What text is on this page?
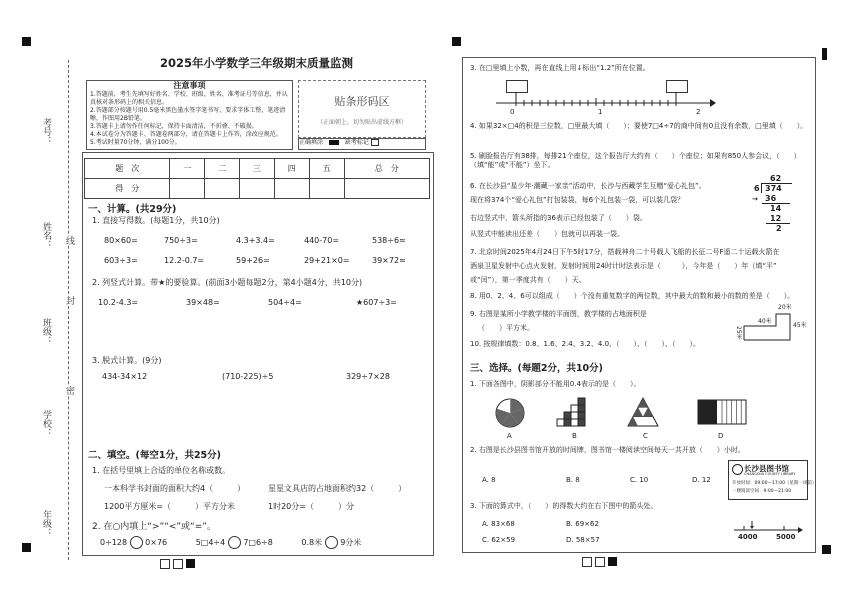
考号：
姓名：
班级：
学校：
年级：
线
封
密
2025年小学数学三年级期末质量监测
注意事项
1.答题前，考生先填写好姓名、学校、班级、姓名、准考证号等信息，并认真核对条形码上的相关信息。
2.答题部分按题号用0.5毫米黑色墨水签字笔书写，要求字体工整，笔迹清晰，作图用2B铅笔。
3.答题卡上请勿作任何标记，保持卡面清洁，不折叠、不破损。
4.本试卷分为答题卡、答题卷两部分，请在答题卡上作答，涂改应规范。
5.考试时量70分钟，满分100分。
贴条形码区
（正面朝上，切勿贴出虚线方框）
正确填涂	缺考标记
题　次	一	二	三	四	五	总　分
得　分						
一、计算。(共29分)
1. 直接写得数。(每题1分，共10分)
80×60=	750÷3=	4.3+3.4=	440-70=	538÷6≈
603÷3=	12.2-0.7=	59+26=	29+21×0=	39×72≈
2. 列竖式计算。带★的要验算。(前面3小题每题2分，第4小题4分，共10分)
10.2-4.3=	39×48=	504÷4=	★607÷3=
3. 脱式计算。(9分)
434-34×12	(710-225)÷5	329÷7×28
二、填空。(每空1分，共25分)
1. 在括号里填上合适的单位名称或数。
一本科学书封面的面积大约4（　　　）	星星文具店的占地面积约32（　　　）
1200平方厘米=（　　　）平方分米	1时20分=（　　　）分
2. 在○内填上“>”“<”或“=”。
0÷128 0×76	5□4÷4 7□6÷8	0.8米 9分米
3. 在□里填上小数，再在直线上用↓标出“1.2”所在位置。
0	1	2
4. 如果32×□4的积是三位数，□里最大填（　　）；要使7□4÷7的商中间有0且没有余数，□里填（　　）。
5. 刷脸报告厅有38排，每排21个座位，这个报告厅大约有（　　）个座位；如果有850人参会议，（　　）（填“能”或“不能”）坐下。
6. 在长沙县“星少年·潮藏一家亲”活动中，长沙与西藏学生互赠“爱心礼包”。
现在将374个“爱心礼包”打包装袋，每6个礼包装一袋，可以装几袋？
右边竖式中，箭头所指的36表示已经包装了（　　）袋。
从竖式中能读出还差（　　）包就可以再装一袋。
62
6 374
36
→
14
12
2
7. 北京时间2025年4月24日下午5时17分，搭载神舟二十号载人飞船的长征二号F遥二十运载火箭在
酒泉卫星发射中心点火发射，发射时间用24时计时法表示是（　　　），今年是（　　）年（填“平”
或“闰”），第一季度共有（　　）天。
8. 用0、2、4、6可以组成（　　）个没有重复数字的两位数，其中最大的数和最小的数的差是（　　）。
9. 右图是某所小学教学楼的平面图，教学楼的占地面积是
（　　）平方米。
20米
40米
45米
25米
10. 按规律填数：0.8、1.6、2.4、3.2、4.0、（　　）、（　　）、（　　）。
三、选择。(每题2分，共10分)
1. 下面各图中，阴影部分不能用0.4表示的是（　　）。
A	B	C	D
2. 右图是长沙县图书馆开放的时间牌，图书馆一楼阅读空间每天一共开放（　　）小时。
A. 8	B. 8	C. 10	D. 12
长沙县图书馆
CHANGSHA COUNTY LIBRARY
开放时间：09:00—17:00（星期一闭馆）
一楼阅读空间：9:00—21:00
3. 下面的算式中，（　　）的得数大约在右下图中的箭头处。
A. 83×68	B. 69×62
C. 62×59	D. 58×57	4000	5000
